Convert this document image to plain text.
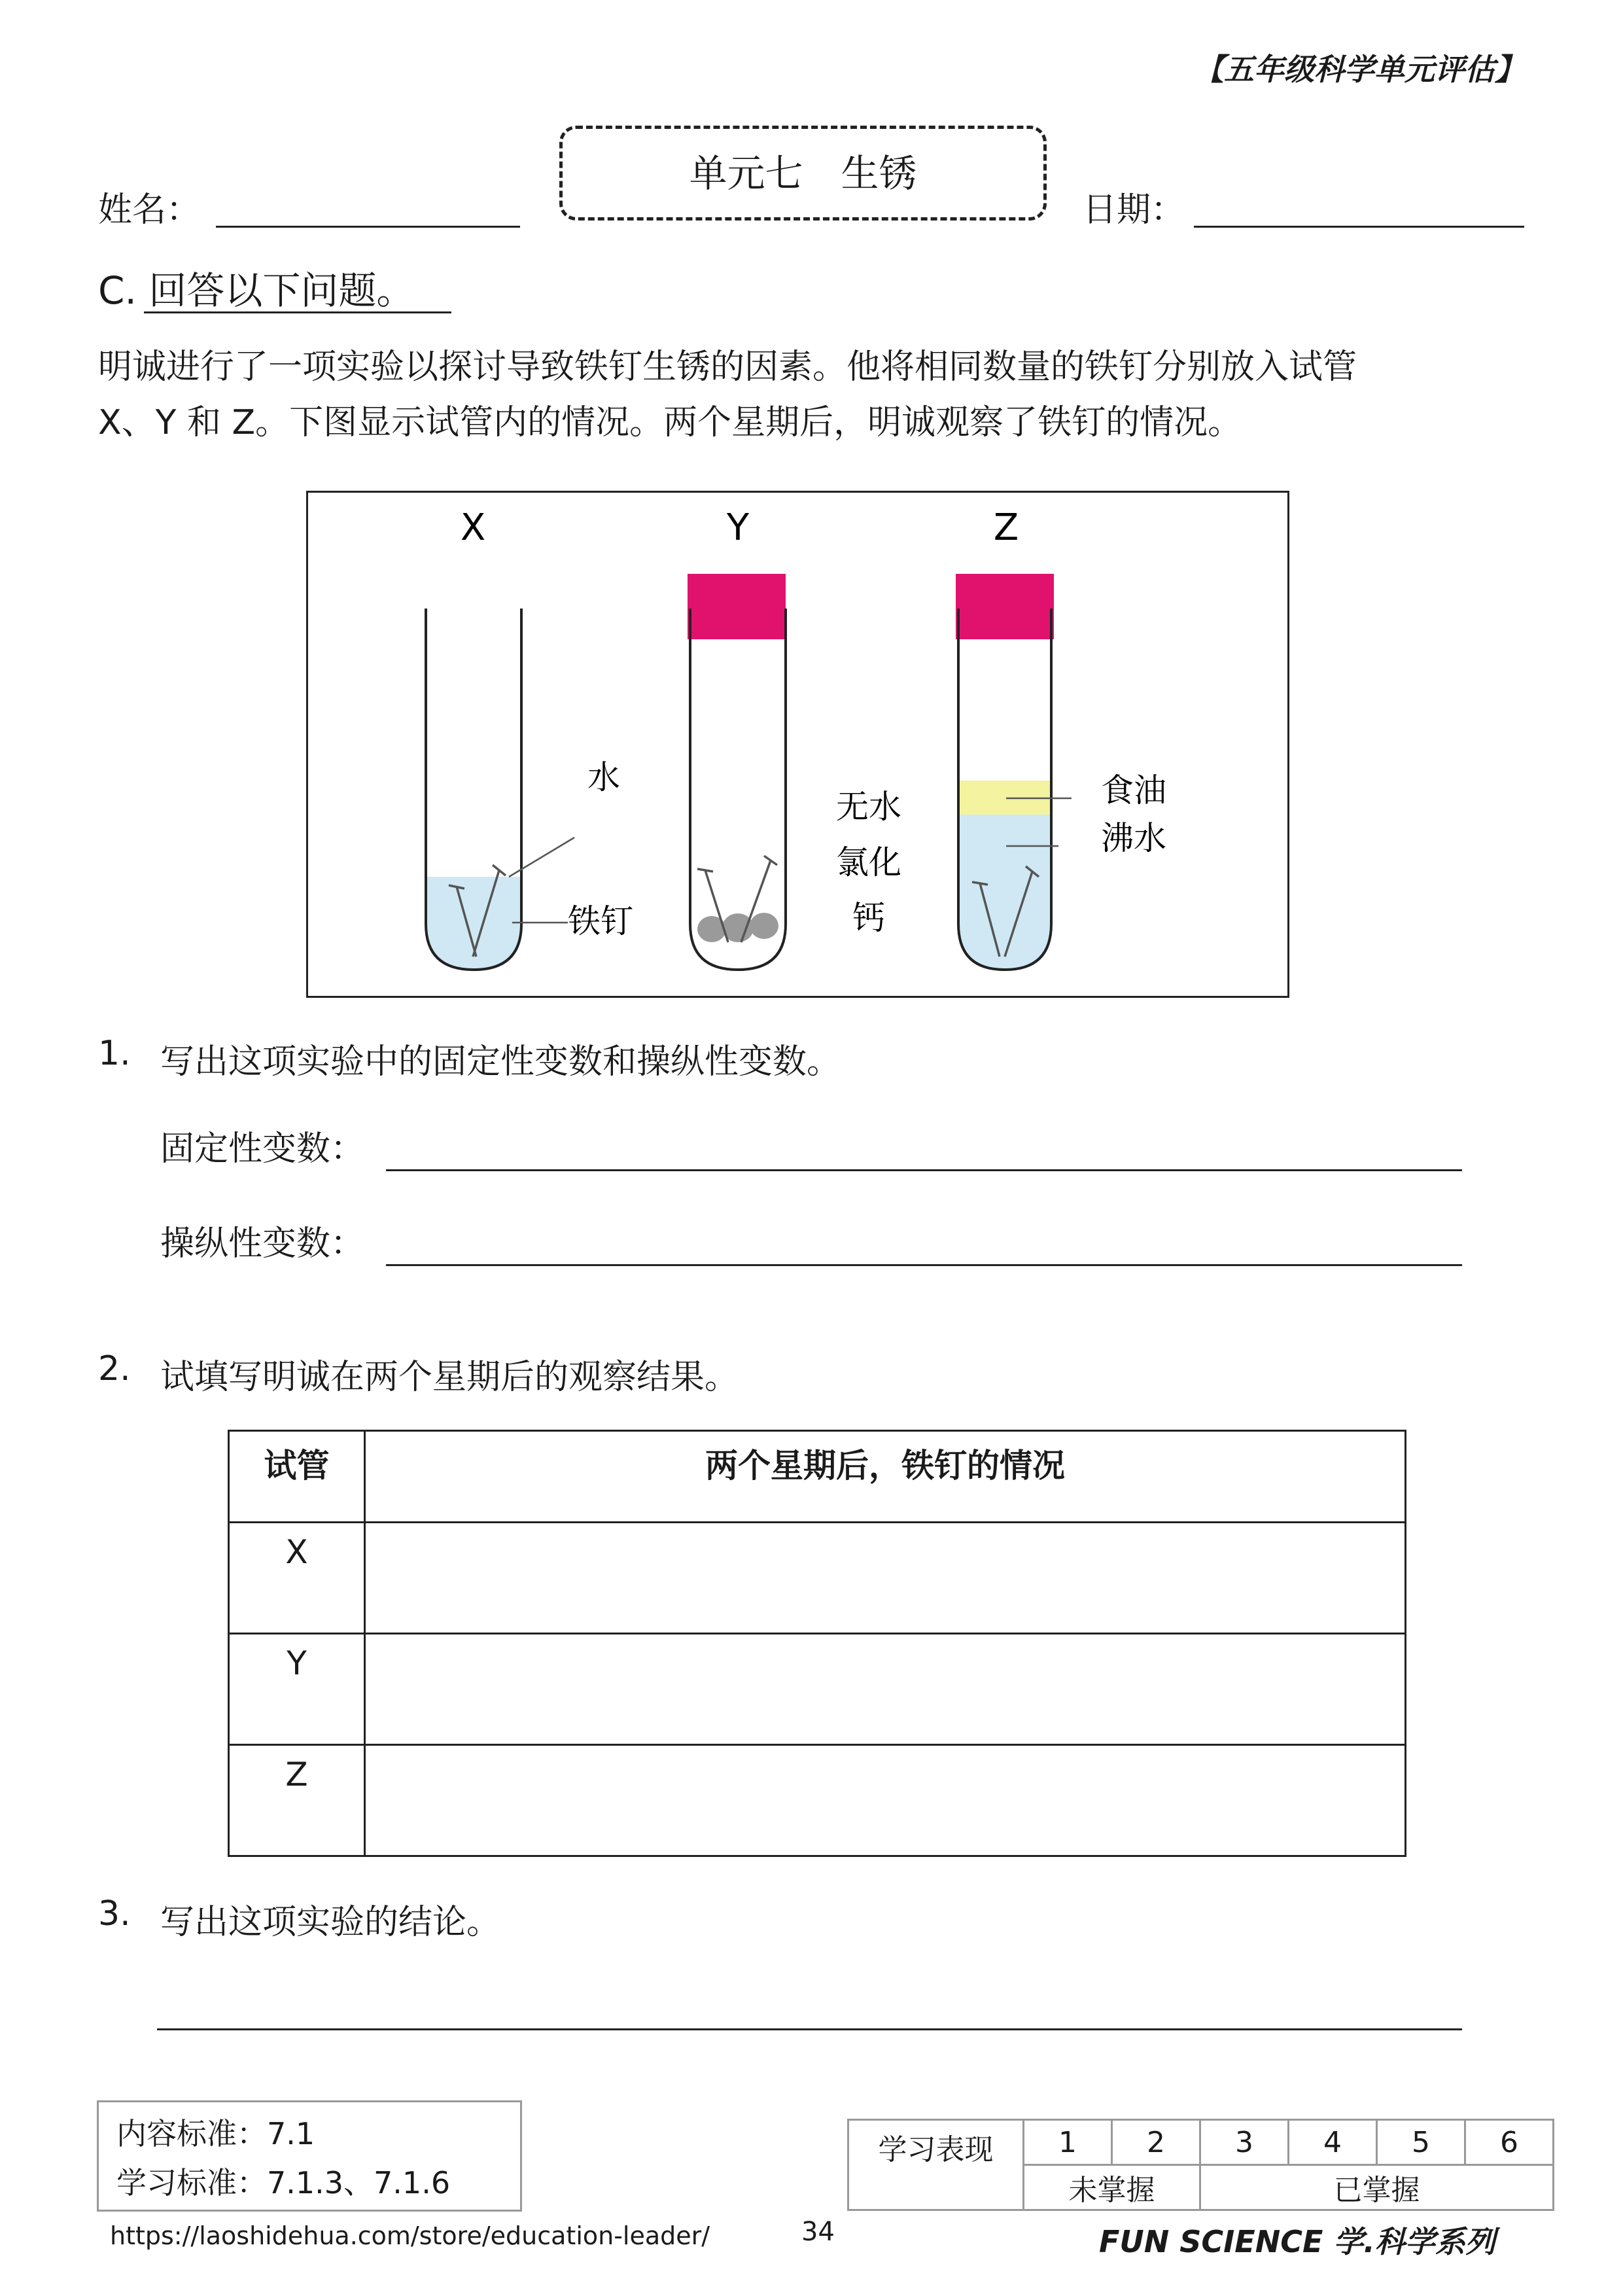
【五年级科学单元评估】
单元七　生锈
姓名：	日期：
C. 回答以下问题。
明诚进行了一项实验以探讨导致铁钉生锈的因素。他将相同数量的铁钉分别放入试管
X、Y 和 Z。下图显示试管内的情况。两个星期后，明诚观察了铁钉的情况。
X	Y	Z
水
铁钉
无水
氯化
钙
食油
沸水
1. 写出这项实验中的固定性变数和操纵性变数。
固定性变数：
操纵性变数：
2. 试填写明诚在两个星期后的观察结果。
试管	两个星期后，铁钉的情况
X	
Y	
Z	
3. 写出这项实验的结论。
内容标准：7.1
学习标准：7.1.3、7.1.6
学习表现	1	2	3	4	5	6
	未掌握		已掌握			
https://laoshidehua.com/store/education-leader/	34	FUN SCIENCE 学.科学系列
